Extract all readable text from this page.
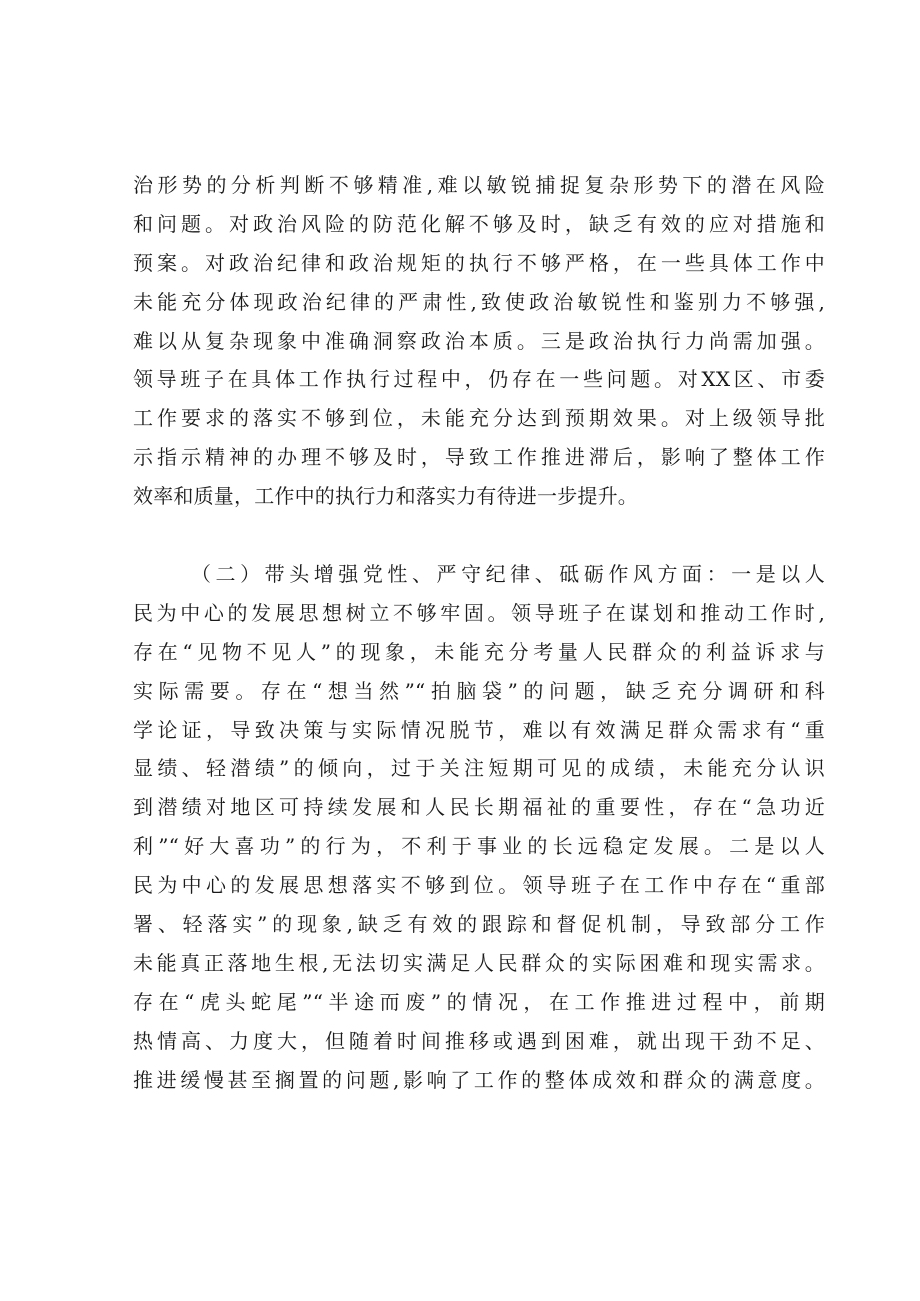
治形势的分析判断不够精准,难以敏锐捕捉复杂形势下的潜在风险
和问题。对政治风险的防范化解不够及时，缺乏有效的应对措施和
预案。对政治纪律和政治规矩的执行不够严格，在一些具体工作中
未能充分体现政治纪律的严肃性,致使政治敏锐性和鉴别力不够强,
难以从复杂现象中准确洞察政治本质。三是政治执行力尚需加强。
领导班子在具体工作执行过程中，仍存在一些问题。对XX区、市委
工作要求的落实不够到位，未能充分达到预期效果。对上级领导批
示指示精神的办理不够及时，导致工作推进滞后，影响了整体工作
效率和质量，工作中的执行力和落实力有待进一步提升。
（二）带头增强党性、严守纪律、砥砺作风方面：一是以人
民为中心的发展思想树立不够牢固。领导班子在谋划和推动工作时,
存在“见物不见人”的现象，未能充分考量人民群众的利益诉求与
实际需要。存在“想当然”“拍脑袋”的问题，缺乏充分调研和科
学论证，导致决策与实际情况脱节，难以有效满足群众需求有“重
显绩、轻潜绩”的倾向，过于关注短期可见的成绩，未能充分认识
到潜绩对地区可持续发展和人民长期福祉的重要性，存在“急功近
利”“好大喜功”的行为，不利于事业的长远稳定发展。二是以人
民为中心的发展思想落实不够到位。领导班子在工作中存在“重部
署、轻落实”的现象,缺乏有效的跟踪和督促机制，导致部分工作
未能真正落地生根,无法切实满足人民群众的实际困难和现实需求。
存在“虎头蛇尾”“半途而废”的情况，在工作推进过程中，前期
热情高、力度大，但随着时间推移或遇到困难，就出现干劲不足、
推进缓慢甚至搁置的问题,影响了工作的整体成效和群众的满意度。
